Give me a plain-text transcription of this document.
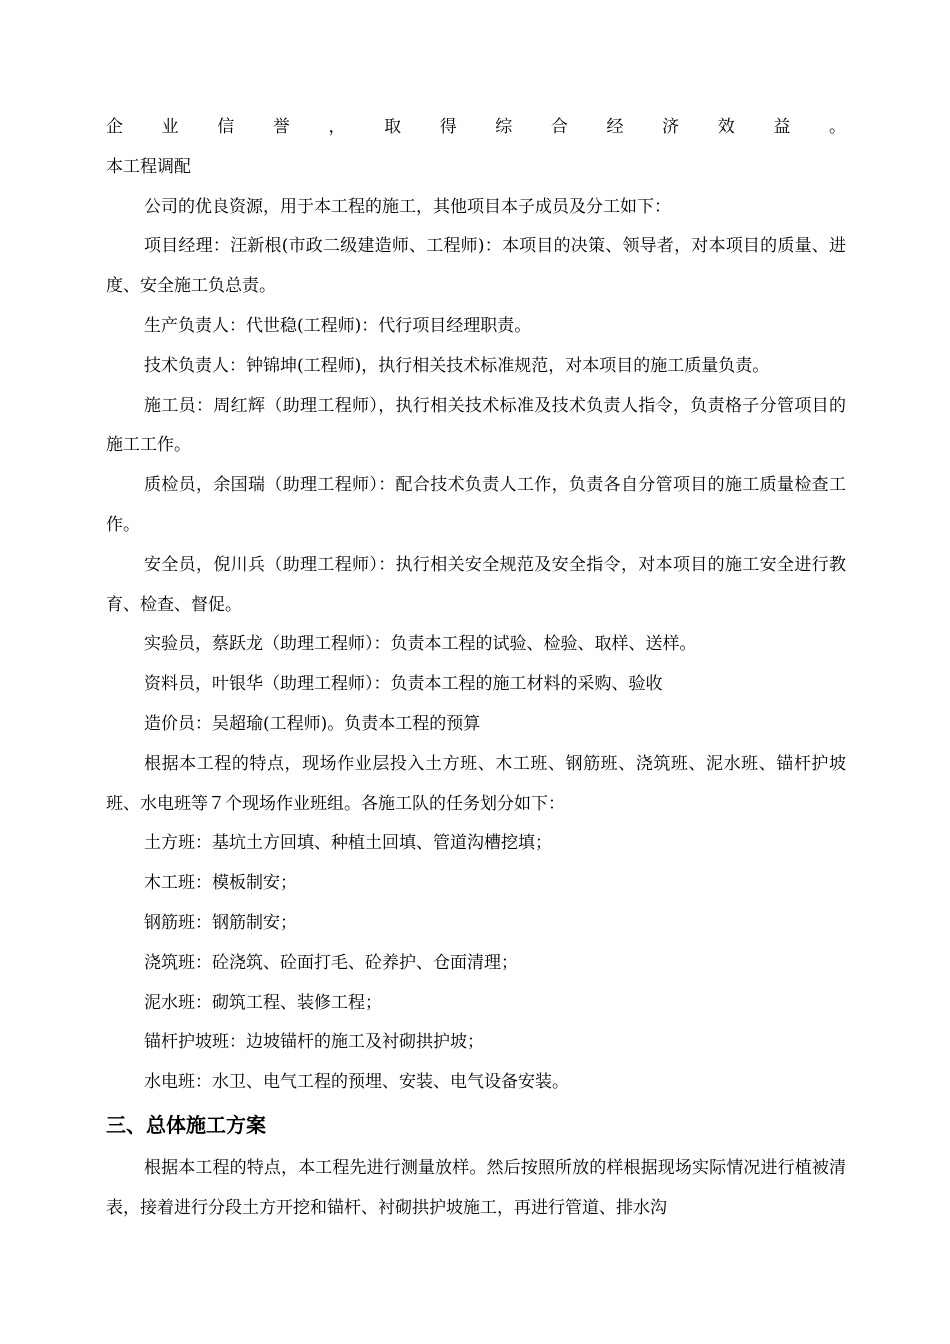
企业信誉，取得综合经济效益。

本工程调配

公司的优良资源，用于本工程的施工，其他项目本子成员及分工如下：

项目经理：汪新根(市政二级建造师、工程师)：本项目的决策、领导者，对本项目的质量、进度、安全施工负总责。

生产负责人：代世稳(工程师)：代行项目经理职责。

技术负责人：钟锦坤(工程师)，执行相关技术标准规范，对本项目的施工质量负责。

施工员：周红辉（助理工程师），执行相关技术标准及技术负责人指令，负责格子分管项目的施工工作。

质检员，余国瑞（助理工程师）：配合技术负责人工作，负责各自分管项目的施工质量检查工作。

安全员，倪川兵（助理工程师）：执行相关安全规范及安全指令，对本项目的施工安全进行教育、检查、督促。

实验员，蔡跃龙（助理工程师）：负责本工程的试验、检验、取样、送样。

资料员，叶银华（助理工程师）：负责本工程的施工材料的采购、验收

造价员：吴超瑜(工程师)。负责本工程的预算

根据本工程的特点，现场作业层投入土方班、木工班、钢筋班、浇筑班、泥水班、锚杆护坡班、水电班等７个现场作业班组。各施工队的任务划分如下：

土方班：基坑土方回填、种植土回填、管道沟槽挖填；

木工班：模板制安；

钢筋班：钢筋制安；

浇筑班：砼浇筑、砼面打毛、砼养护、仓面清理；

泥水班：砌筑工程、装修工程；

锚杆护坡班：边坡锚杆的施工及衬砌拱护坡；

水电班：水卫、电气工程的预埋、安装、电气设备安装。

三、总体施工方案

根据本工程的特点，本工程先进行测量放样。然后按照所放的样根据现场实际情况进行植被清表，接着进行分段土方开挖和锚杆、衬砌拱护坡施工，再进行管道、排水沟
